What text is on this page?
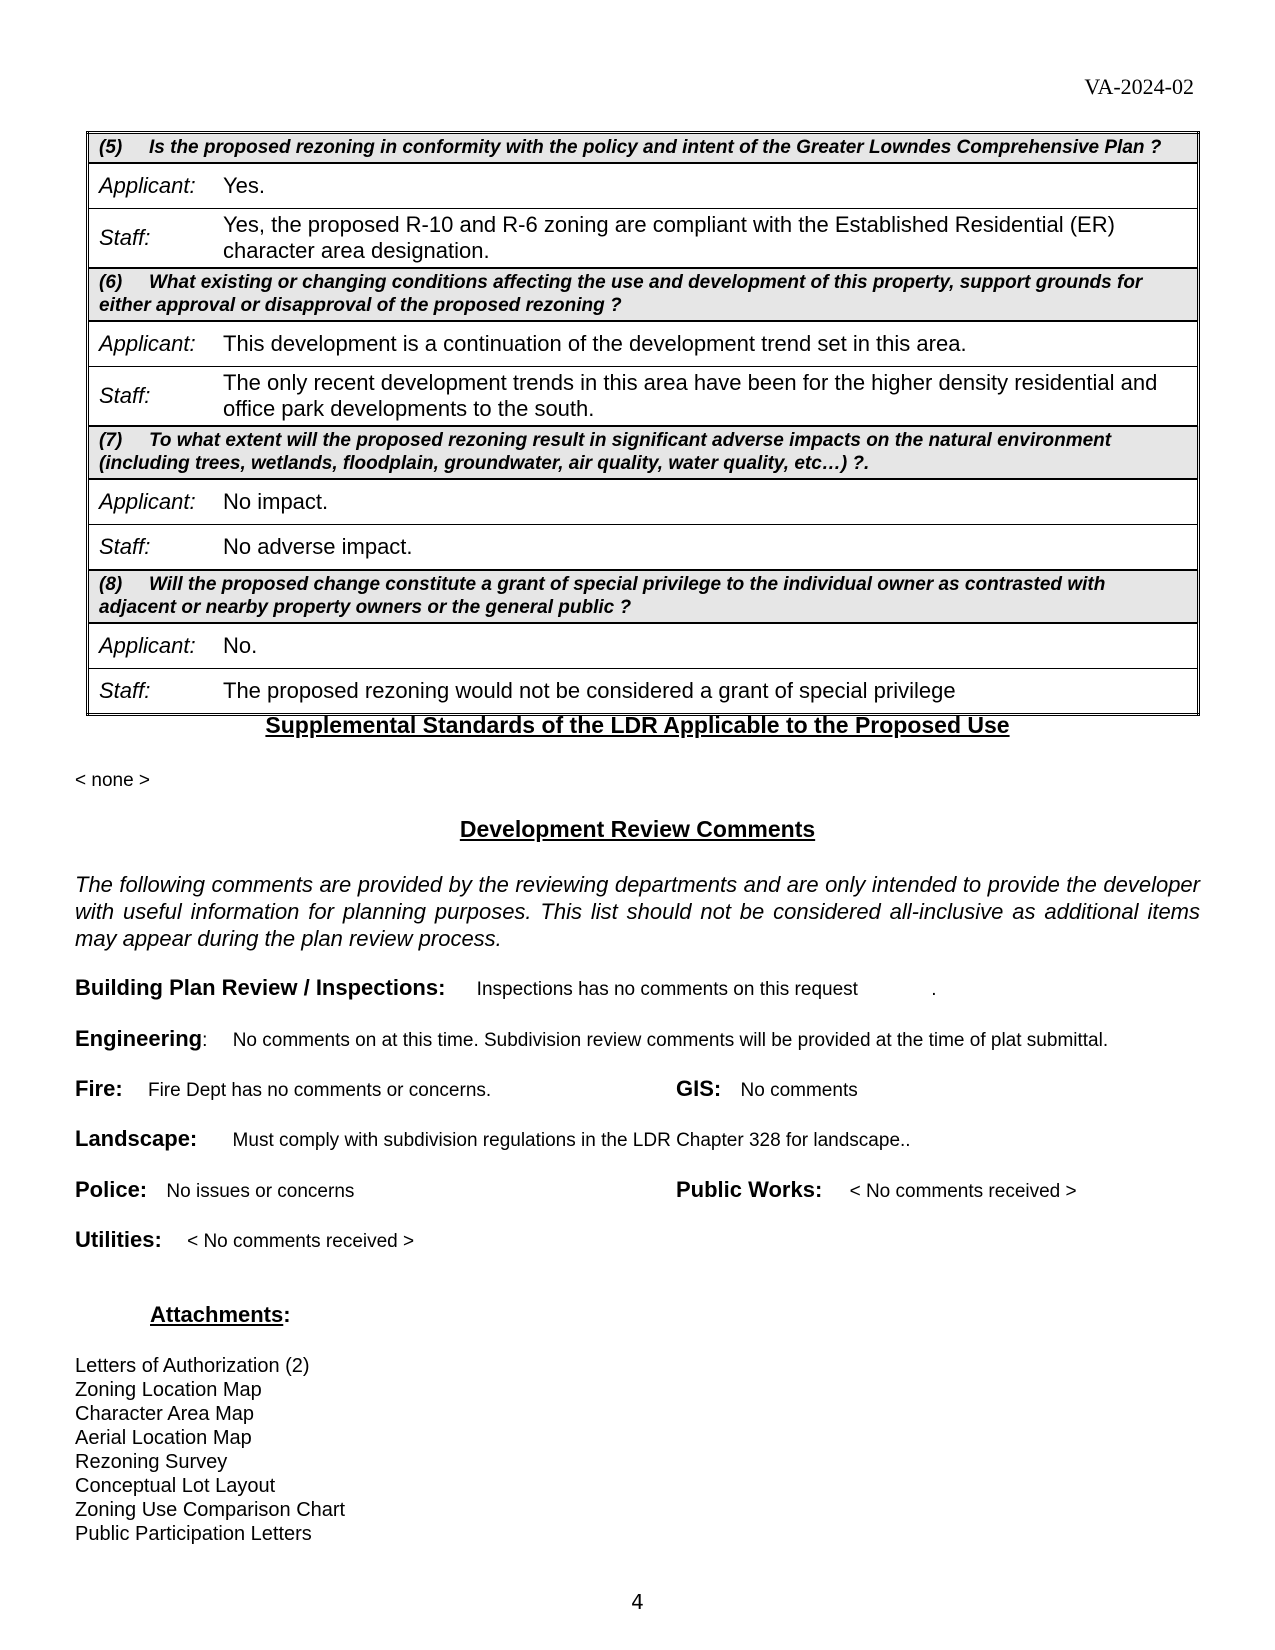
VA-2024-02
(5) Is the proposed rezoning in conformity with the policy and intent of the Greater Lowndes Comprehensive Plan ?	
Applicant:	Yes.
Staff:	Yes, the proposed R-10 and R-6 zoning are compliant with the Established Residential (ER) character area designation.
(6) What existing or changing conditions affecting the use and development of this property, support grounds for either approval or disapproval of the proposed rezoning ?	
Applicant:	This development is a continuation of the development trend set in this area.
Staff:	The only recent development trends in this area have been for the higher density residential and office park developments to the south.
(7) To what extent will the proposed rezoning result in significant adverse impacts on the natural environment (including trees, wetlands, floodplain, groundwater, air quality, water quality, etc…) ?.	
Applicant:	No impact.
Staff:	No adverse impact.
(8) Will the proposed change constitute a grant of special privilege to the individual owner as contrasted with adjacent or nearby property owners or the general public ?	
Applicant:	No.
Staff:	The proposed rezoning would not be considered a grant of special privilege
Supplemental Standards of the LDR Applicable to the Proposed Use
< none >
Development Review Comments
The following comments are provided by the reviewing departments and are only intended to provide the developer with useful information for planning purposes. This list should not be considered all-inclusive as additional items may appear during the plan review process.
Building Plan Review / Inspections: Inspections has no comments on this request	.
Engineering: No comments on at this time. Subdivision review comments will be provided at the time of plat submittal.
Fire: Fire Dept has no comments or concerns.	GIS: No comments
Landscape: Must comply with subdivision regulations in the LDR Chapter 328 for landscape..
Police: No issues or concerns	Public Works: < No comments received >
Utilities: < No comments received >
Attachments:
Letters of Authorization (2)
Zoning Location Map
Character Area Map
Aerial Location Map
Rezoning Survey
Conceptual Lot Layout
Zoning Use Comparison Chart
Public Participation Letters
4
